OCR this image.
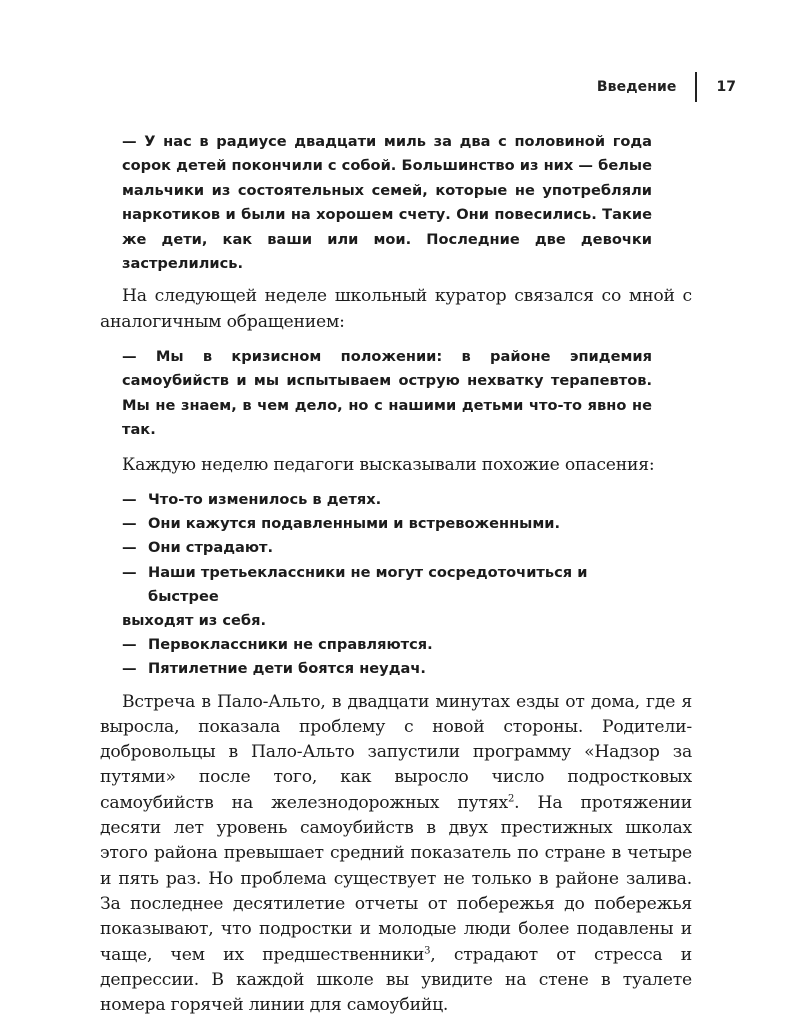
Введение	17

— У нас в радиусе двадцати миль за два с половиной года сорок детей покончили с собой. Большинство из них — белые мальчики из состоятельных семей, которые не употребляли наркотиков и были на хорошем счету. Они повесились. Такие же дети, как ваши или мои. Последние две девочки застрелились.

На следующей неделе школьный куратор связался со мной с аналогичным обращением:

— Мы в кризисном положении: в районе эпидемия самоубийств и мы испытываем острую нехватку терапевтов. Мы не знаем, в чем дело, но с нашими детьми что-то явно не так.

Каждую неделю педагоги высказывали похожие опасения:

— Что-то изменилось в детях.
— Они кажутся подавленными и встревоженными.
— Они страдают.
— Наши третьеклассники не могут сосредоточиться и быстрее
выходят из себя.
— Первоклассники не справляются.
— Пятилетние дети боятся неудач.

Встреча в Пало-Альто, в двадцати минутах езды от дома, где я выросла, показала проблему с новой стороны. Родители-добровольцы в Пало-Альто запустили программу «Надзор за путями» после того, как выросло число подростковых самоубийств на железнодорожных путях$^2$. На протяжении десяти лет уровень самоубийств в двух престижных школах этого района превышает средний показатель по стране в четыре и пять раз. Но проблема существует не только в районе залива. За последнее десятилетие отчеты от побережья до побережья показывают, что подростки и молодые люди более подавлены и чаще, чем их предшественники$^3$, страдают от стресса и депрессии. В каждой школе вы увидите на стене в туалете номера горячей линии для самоубийц.
